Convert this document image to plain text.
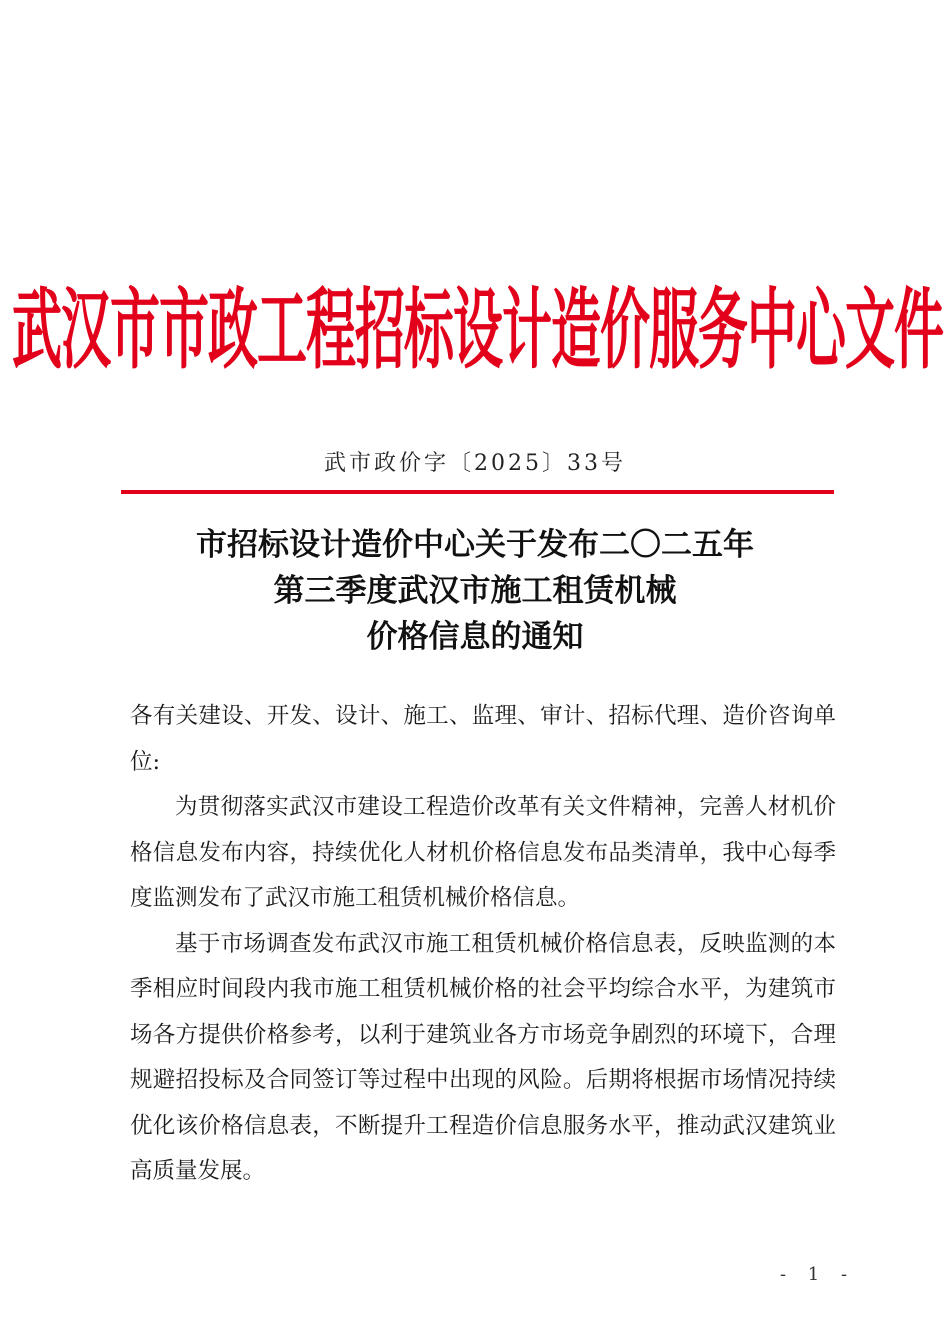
武汉市市政工程招标设计造价服务中心文件
武市政价字〔2025〕33号
市招标设计造价中心关于发布二〇二五年
第三季度武汉市施工租赁机械
价格信息的通知

各有关建设、开发、设计、施工、监理、审计、招标代理、造价咨询单位:

为贯彻落实武汉市建设工程造价改革有关文件精神，完善人材机价格信息发布内容，持续优化人材机价格信息发布品类清单，我中心每季度监测发布了武汉市施工租赁机械价格信息。

基于市场调查发布武汉市施工租赁机械价格信息表，反映监测的本季相应时间段内我市施工租赁机械价格的社会平均综合水平，为建筑市场各方提供价格参考，以利于建筑业各方市场竞争剧烈的环境下，合理规避招投标及合同签订等过程中出现的风险。后期将根据市场情况持续优化该价格信息表，不断提升工程造价信息服务水平，推动武汉建筑业高质量发展。

- 1 -
